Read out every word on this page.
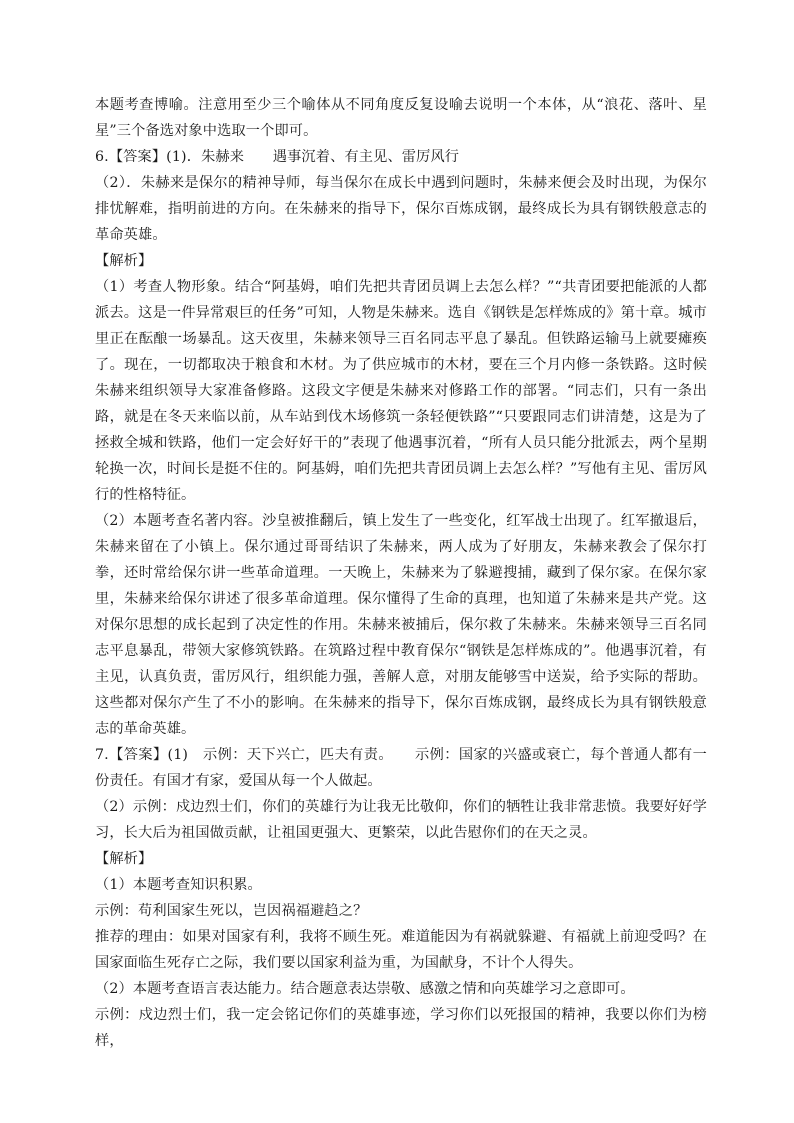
本题考查博喻。注意用至少三个喻体从不同角度反复设喻去说明一个本体，从“浪花、落叶、星星”三个备选对象中选取一个即可。

6.【答案】(1)．朱赫来　　遇事沉着、有主见、雷厉风行

（2）．朱赫来是保尔的精神导师，每当保尔在成长中遇到问题时，朱赫来便会及时出现，为保尔排忧解难，指明前进的方向。在朱赫来的指导下，保尔百炼成钢，最终成长为具有钢铁般意志的革命英雄。

【解析】

（1）考查人物形象。结合“阿基姆，咱们先把共青团员调上去怎么样？”“共青团要把能派的人都派去。这是一件异常艰巨的任务”可知，人物是朱赫来。选自《钢铁是怎样炼成的》第十章。城市里正在酝酿一场暴乱。这天夜里，朱赫来领导三百名同志平息了暴乱。但铁路运输马上就要瘫痪了。现在，一切都取决于粮食和木材。为了供应城市的木材，要在三个月内修一条铁路。这时候朱赫来组织领导大家准备修路。这段文字便是朱赫来对修路工作的部署。“同志们，只有一条出路，就是在冬天来临以前，从车站到伐木场修筑一条轻便铁路”“只要跟同志们讲清楚，这是为了拯救全城和铁路，他们一定会好好干的”表现了他遇事沉着，“所有人员只能分批派去，两个星期轮换一次，时间长是挺不住的。阿基姆，咱们先把共青团员调上去怎么样？”写他有主见、雷厉风行的性格特征。

（2）本题考查名著内容。沙皇被推翻后，镇上发生了一些变化，红军战士出现了。红军撤退后，朱赫来留在了小镇上。保尔通过哥哥结识了朱赫来，两人成为了好朋友，朱赫来教会了保尔打拳，还时常给保尔讲一些革命道理。一天晚上，朱赫来为了躲避搜捕，藏到了保尔家。在保尔家里，朱赫来给保尔讲述了很多革命道理。保尔懂得了生命的真理，也知道了朱赫来是共产党。这对保尔思想的成长起到了决定性的作用。朱赫来被捕后，保尔救了朱赫来。朱赫来领导三百名同志平息暴乱，带领大家修筑铁路。在筑路过程中教育保尔“钢铁是怎样炼成的”。他遇事沉着，有主见，认真负责，雷厉风行，组织能力强，善解人意，对朋友能够雪中送炭，给予实际的帮助。这些都对保尔产生了不小的影响。在朱赫来的指导下，保尔百炼成钢，最终成长为具有钢铁般意志的革命英雄。

7.【答案】(1)　示例：天下兴亡，匹夫有责。　　示例：国家的兴盛或衰亡，每个普通人都有一份责任。有国才有家，爱国从每一个人做起。

（2）示例：戍边烈士们，你们的英雄行为让我无比敬仰，你们的牺牲让我非常悲愤。我要好好学习，长大后为祖国做贡献，让祖国更强大、更繁荣，以此告慰你们的在天之灵。

【解析】

（1）本题考查知识积累。

示例：苟利国家生死以，岂因祸福避趋之？

推荐的理由：如果对国家有利，我将不顾生死。难道能因为有祸就躲避、有福就上前迎受吗？在国家面临生死存亡之际，我们要以国家利益为重，为国献身，不计个人得失。

（2）本题考查语言表达能力。结合题意表达崇敬、感激之情和向英雄学习之意即可。

示例：戍边烈士们，我一定会铭记你们的英雄事迹，学习你们以死报国的精神，我要以你们为榜样，
